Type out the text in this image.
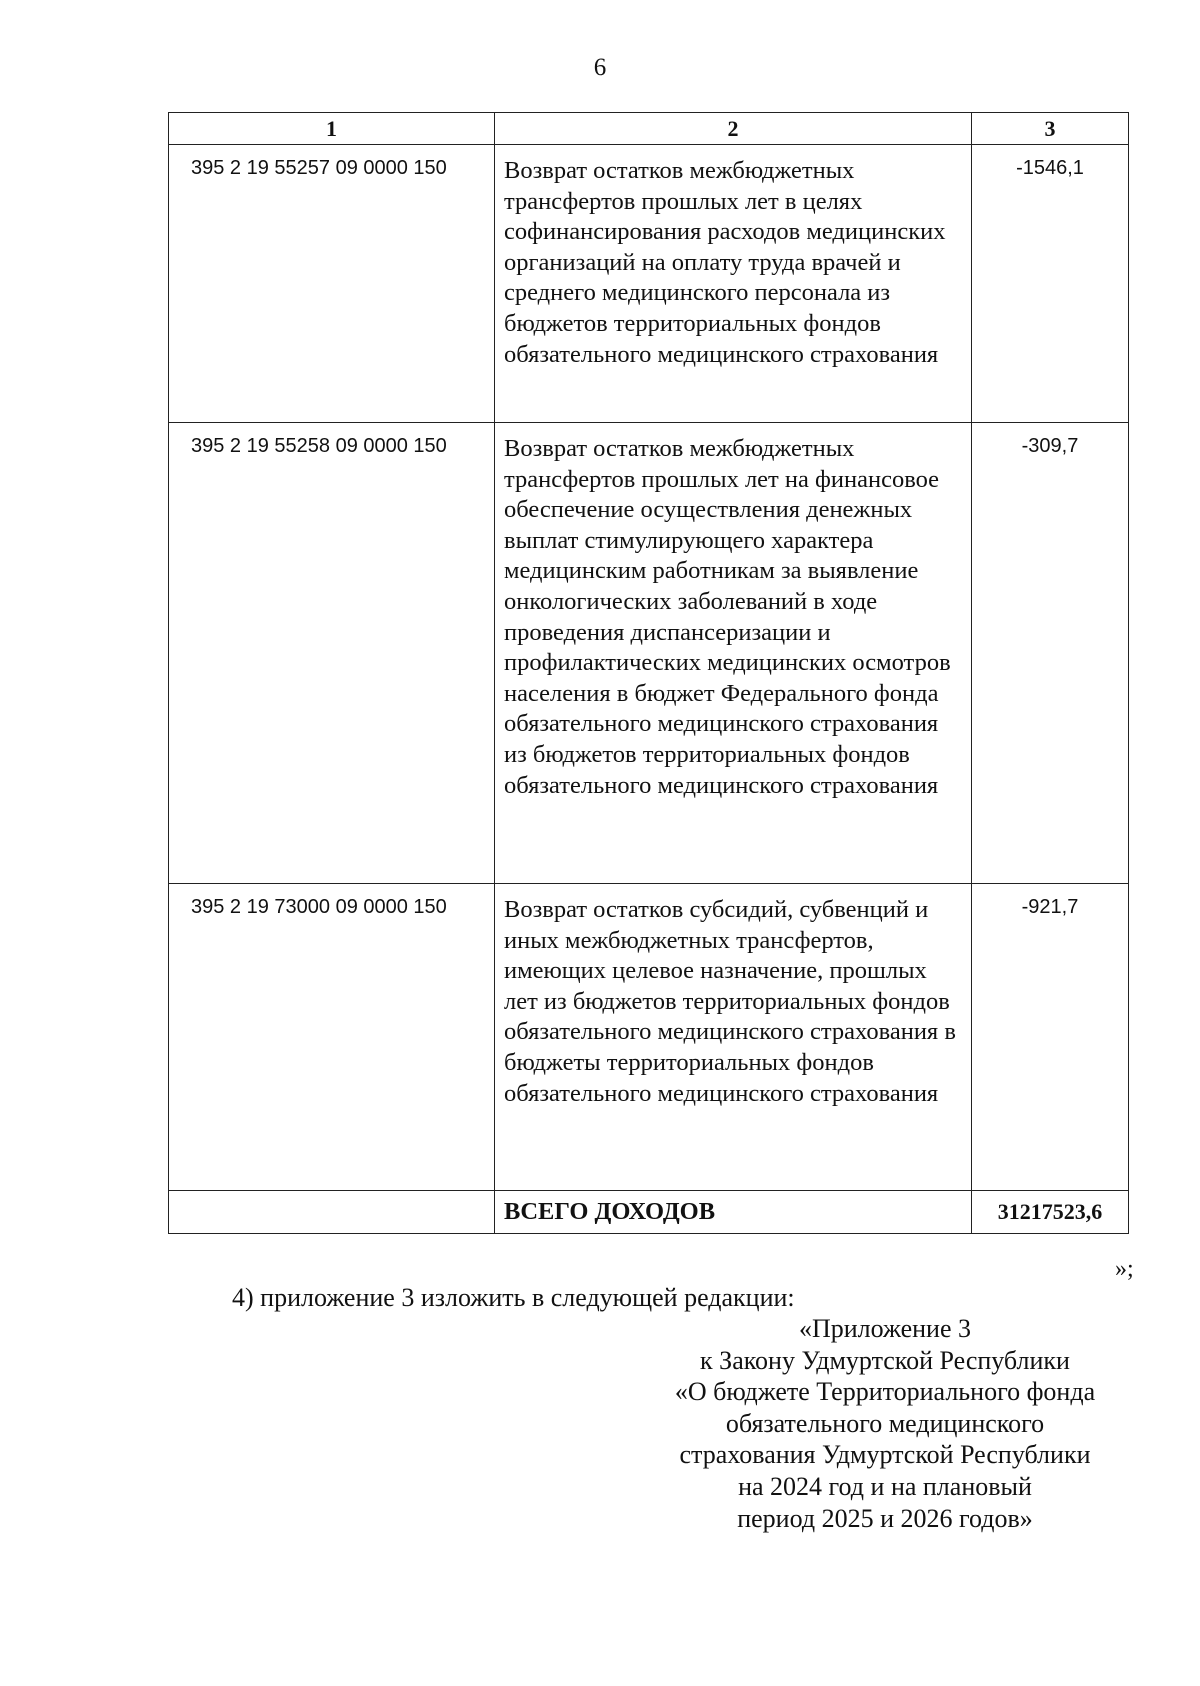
6
1	2	3
395 2 19 55257 09 0000 150	Возврат остатков межбюджетных трансфертов прошлых лет в целях софинансирования расходов медицинских организаций на оплату труда врачей и среднего медицинского персонала из бюджетов территориальных фондов обязательного медицинского страхования	-1546,1
395 2 19 55258 09 0000 150	Возврат остатков межбюджетных трансфертов прошлых лет на финансовое обеспечение осуществления денежных выплат стимулирующего характера медицинским работникам за выявление онкологических заболеваний в ходе проведения диспансеризации и профилактических медицинских осмотров населения в бюджет Федерального фонда обязательного медицинского страхования из бюджетов территориальных фондов обязательного медицинского страхования	-309,7
395 2 19 73000 09 0000 150	Возврат остатков субсидий, субвенций и иных межбюджетных трансфертов, имеющих целевое назначение, прошлых лет из бюджетов территориальных фондов обязательного медицинского страхования в бюджеты территориальных фондов обязательного медицинского страхования	-921,7
	ВСЕГО ДОХОДОВ	31217523,6
»;
4) приложение 3 изложить в следующей редакции:
«Приложение 3
к Закону Удмуртской Республики
«О бюджете Территориального фонда
обязательного медицинского
страхования Удмуртской Республики
на 2024 год и на плановый
период 2025 и 2026 годов»
